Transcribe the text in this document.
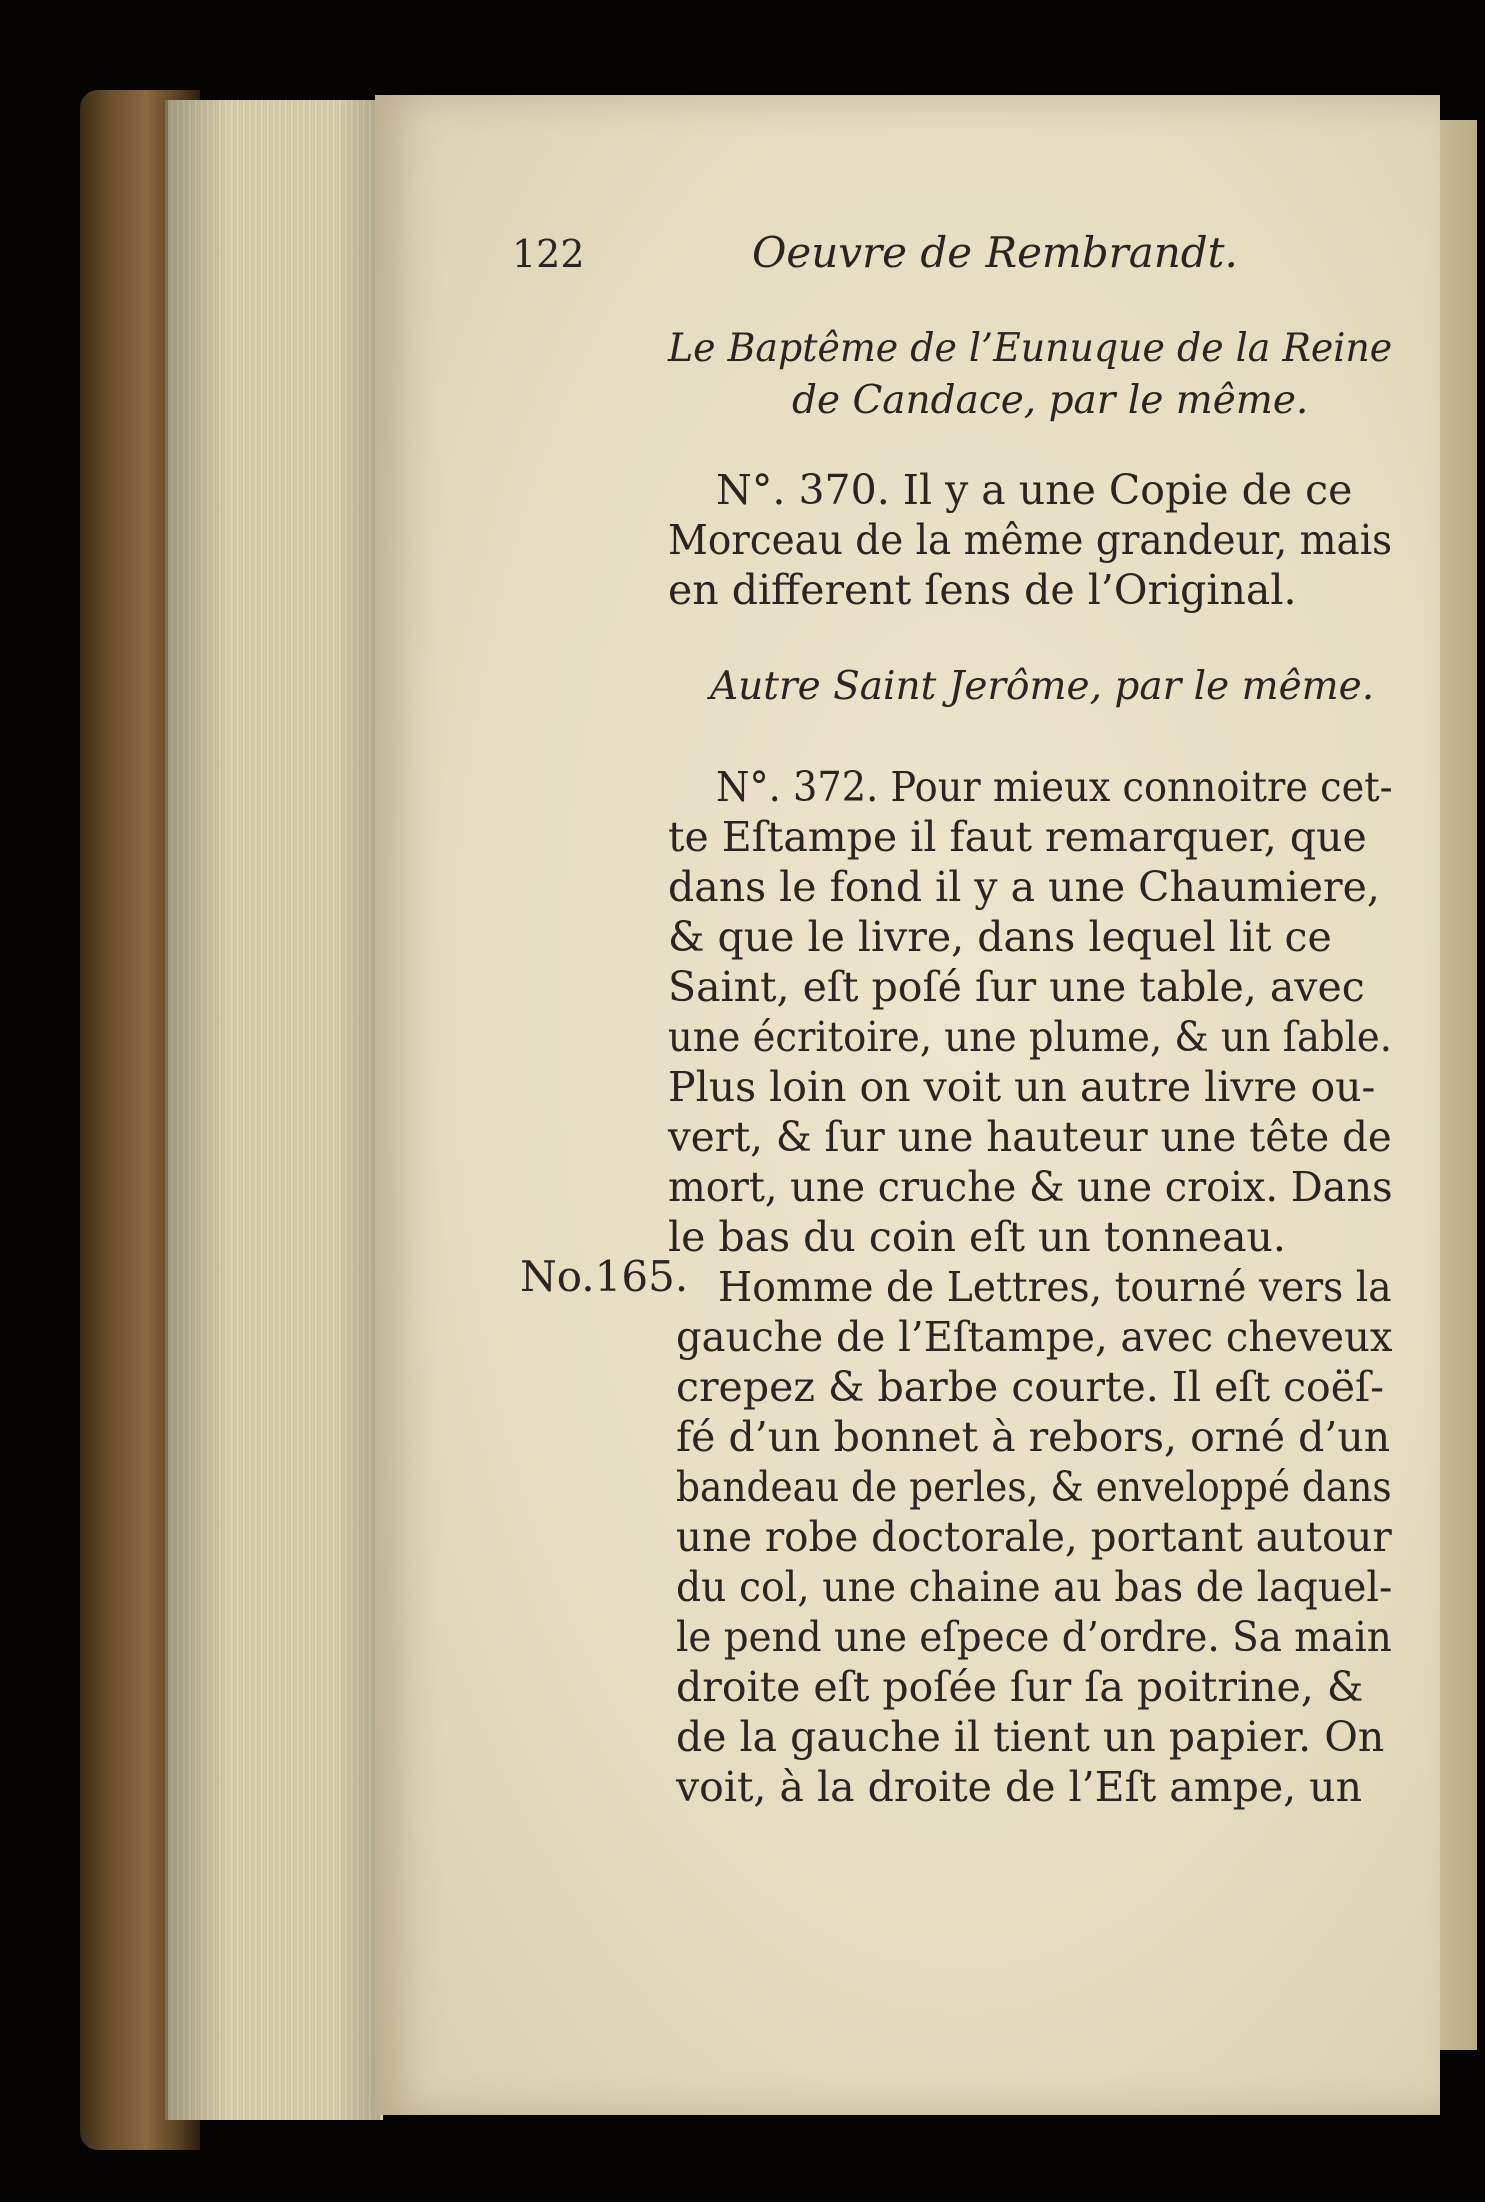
122	Oeuvre de Rembrandt.
Le Baptême de l’Eunuque de la Reine
de Candace, par le même.
N°. 370. Il y a une Copie de ce
Morceau de la même grandeur, mais
en different ſens de l’Original.
Autre Saint Jerôme, par le même.
N°. 372. Pour mieux connoitre cet-
te Eſtampe il faut remarquer, que
dans le fond il y a une Chaumiere,
& que le livre, dans lequel lit ce
Saint, eſt poſé ſur une table, avec
une écritoire, une plume, & un ſable.
Plus loin on voit un autre livre ou-
vert, & ſur une hauteur une tête de
mort, une cruche & une croix. Dans
le bas du coin eſt un tonneau.
No.165. Homme de Lettres, tourné vers la
gauche de l’Eſtampe, avec cheveux
crepez & barbe courte. Il eſt coëſ-
fé d’un bonnet à rebors, orné d’un
bandeau de perles, & enveloppé dans
une robe doctorale, portant autour
du col, une chaine au bas de laquel-
le pend une eſpece d’ordre. Sa main
droite eſt poſée ſur ſa poitrine, &
de la gauche il tient un papier. On
voit, à la droite de l’Eſt ampe, un
